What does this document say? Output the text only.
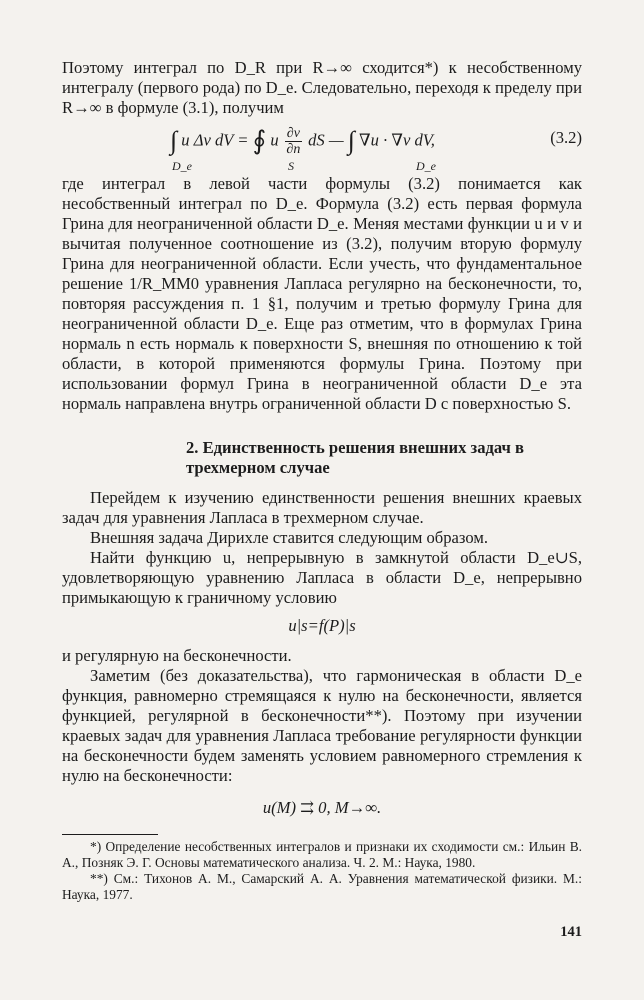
Поэтому интеграл по D_R при R→∞ сходится*) к несобственному интегралу (первого рода) по D_e. Следовательно, переходя к пределу при R→∞ в формуле (3.1), получим

∫
D_e
u Δv dV = ∮
S
u $\frac{\partial v}{\partial n}$ dS — ∫
D_e
∇u · ∇v dV,	(3.2)

где интеграл в левой части формулы (3.2) понимается как несобственный интеграл по D_e. Формула (3.2) есть первая формула Грина для неограниченной области D_e. Меняя местами функции u и v и вычитая полученное соотношение из (3.2), получим вторую формулу Грина для неограниченной области. Если учесть, что фундаментальное решение 1/R_MM0 уравнения Лапласа регулярно на бесконечности, то, повторяя рассуждения п. 1 §1, получим и третью формулу Грина для неограниченной области D_e. Еще раз отметим, что в формулах Грина нормаль n есть нормаль к поверхности S, внешняя по отношению к той области, в которой применяются формулы Грина. Поэтому при использовании формул Грина в неограниченной области D_e эта нормаль направлена внутрь ограниченной области D с поверхностью S.

2. Единственность решения внешних задач в трехмерном случае

Перейдем к изучению единственности решения внешних краевых задач для уравнения Лапласа в трехмерном случае.

Внешняя задача Дирихле ставится следующим образом.

Найти функцию u, непрерывную в замкнутой области D_e∪S, удовлетворяющую уравнению Лапласа в области D_e, непрерывно примыкающую к граничному условию

u|s=f(P)|s

и регулярную на бесконечности.

Заметим (без доказательства), что гармоническая в области D_e функция, равномерно стремящаяся к нулю на бесконечности, является функцией, регулярной в бесконечности**). Поэтому при изучении краевых задач для уравнения Лапласа требование регулярности функции на бесконечности будем заменять условием равномерного стремления к нулю на бесконечности:

u(M) ⇉ 0, M→∞.

*) Определение несобственных интегралов и признаки их сходимости см.: Ильин В. А., Позняк Э. Г. Основы математического анализа. Ч. 2. М.: Наука, 1980.

**) См.: Тихонов А. М., Самарский А. А. Уравнения математической физики. М.: Наука, 1977.

141
